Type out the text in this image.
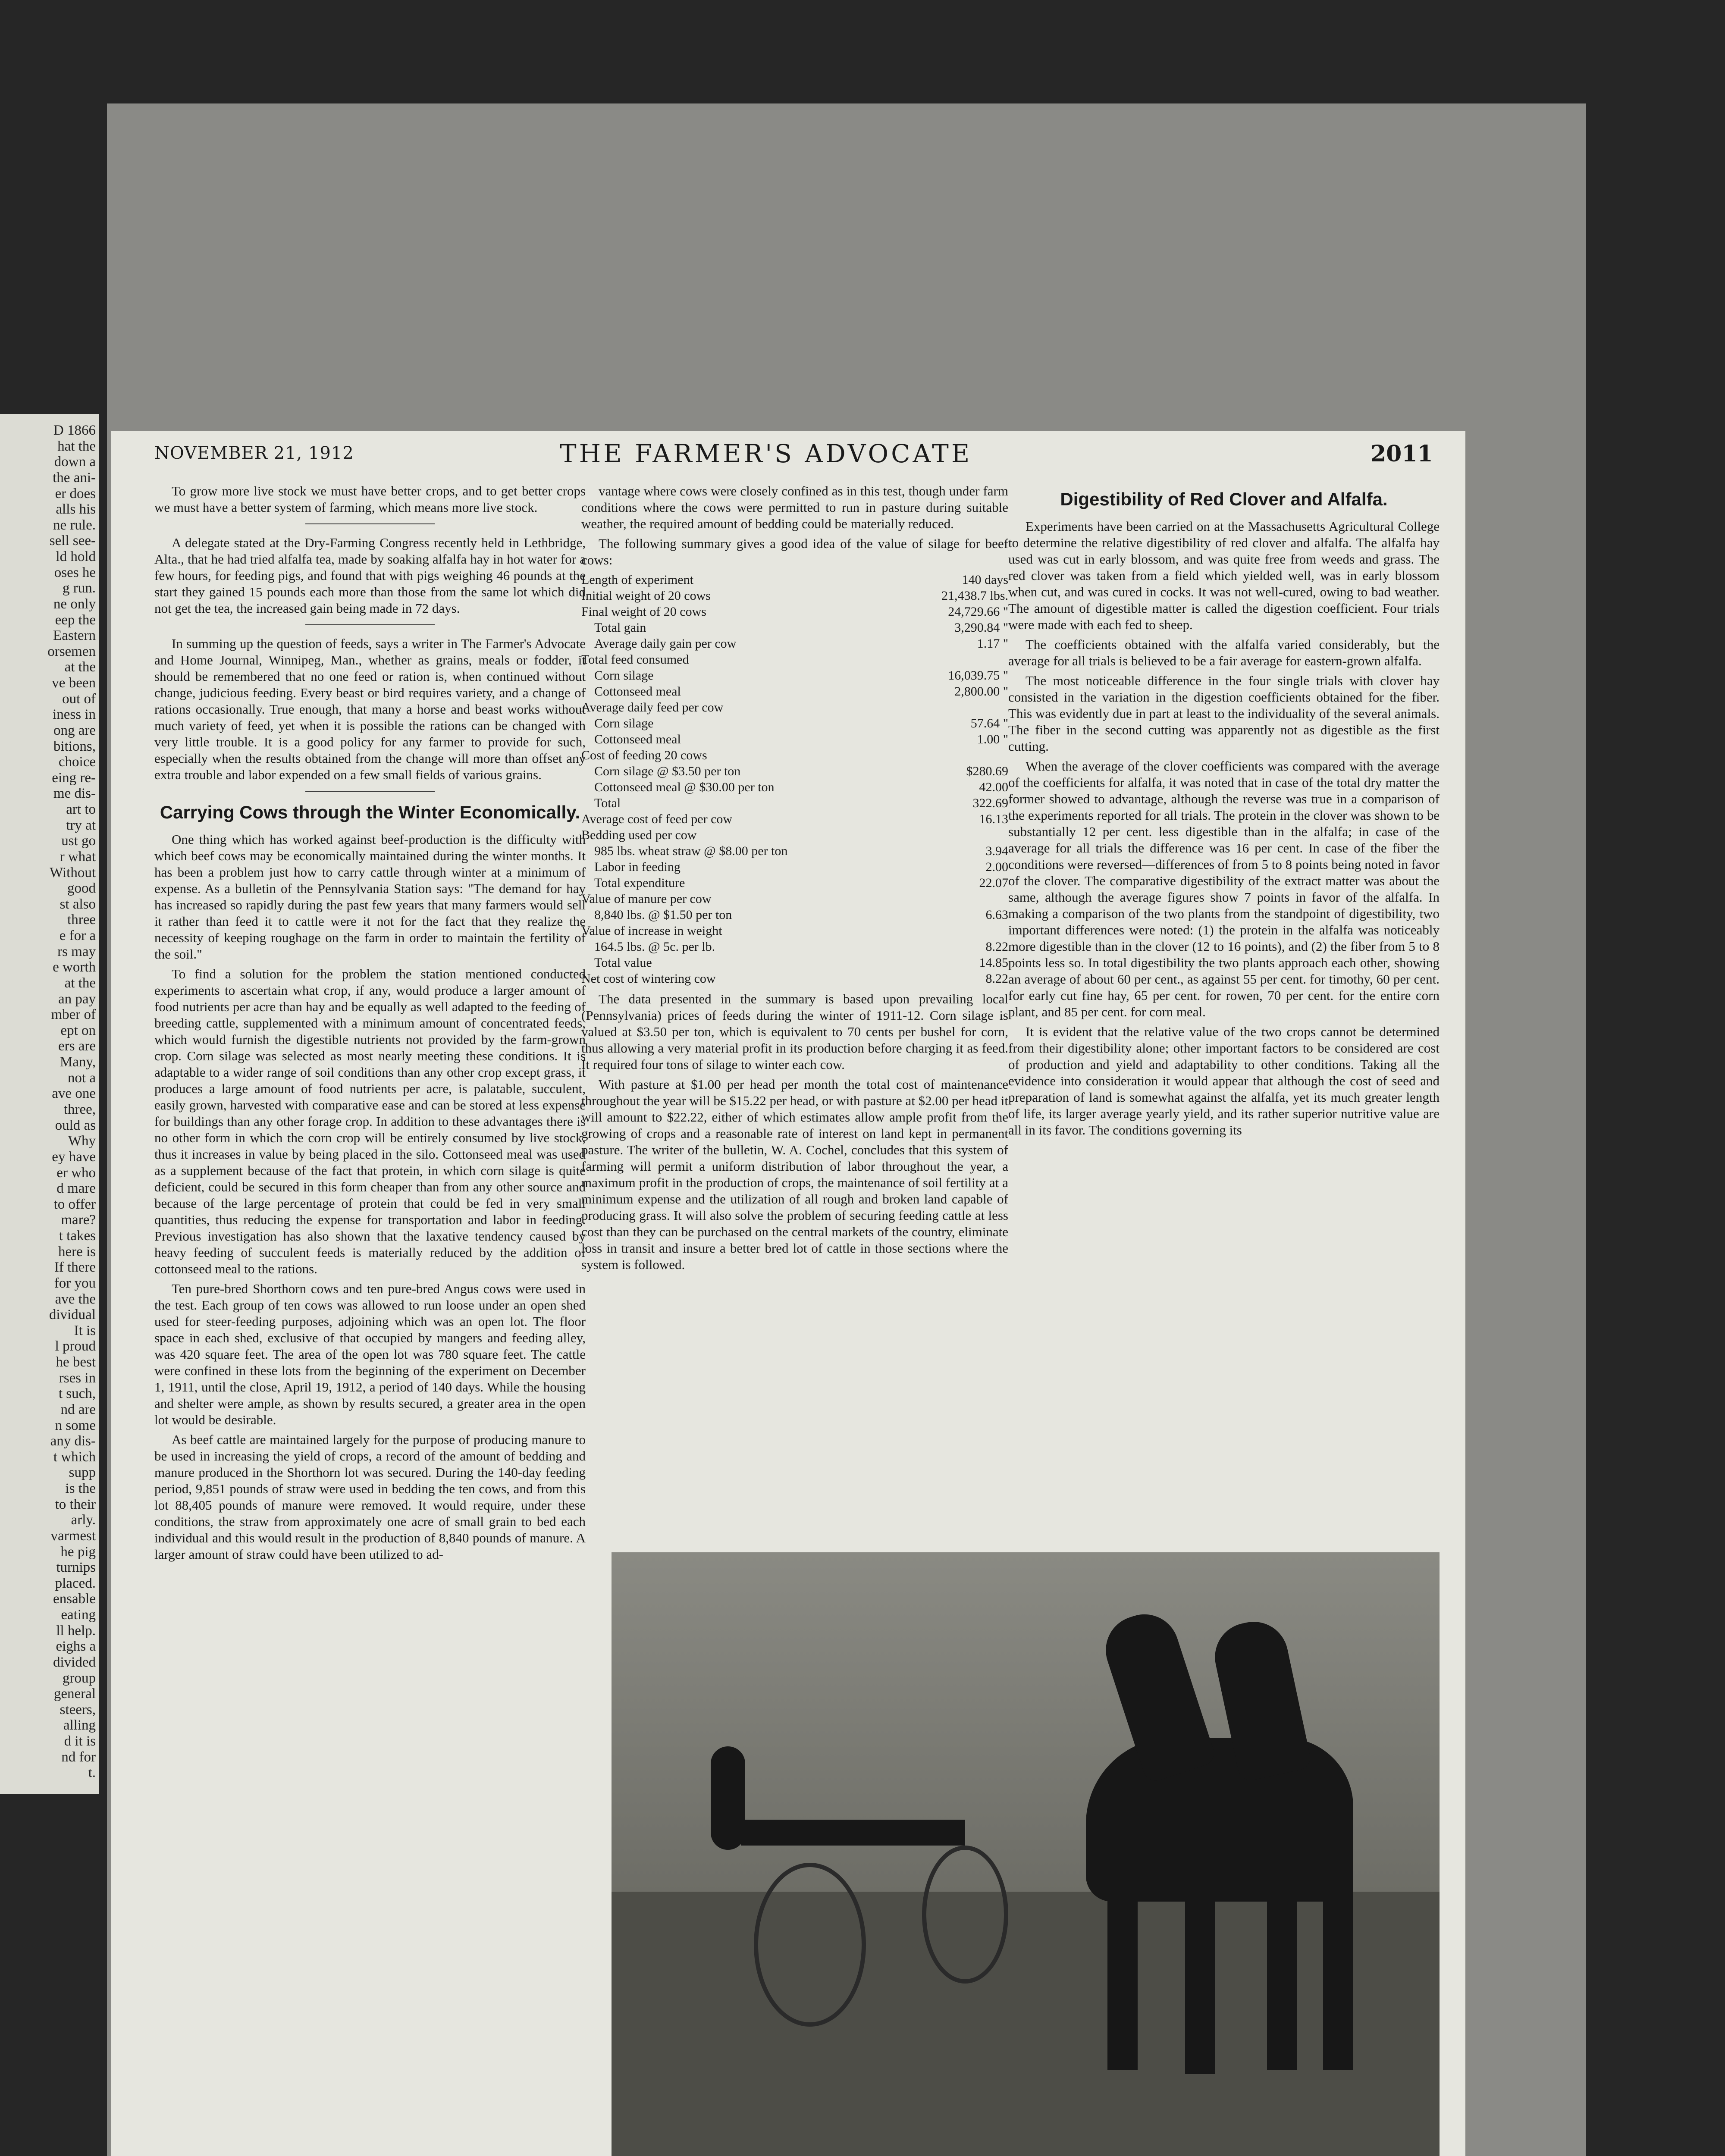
D 1866
hat the
down a
the ani-
er does
alls his
ne rule.
sell see-
ld hold
oses he
g run.
ne only
eep the
Eastern
orsemen
at the
ve been
out of
iness in
ong are
bitions,
choice
eing re-
me dis-
art to
try at
ust go
r what
Without
good
st also
three
e for a
rs may
e worth
at the
an pay
mber of
ept on
ers are
Many,
not a
ave one
three,
ould as
Why
ey have
er who
d mare
to offer
mare?
t takes
here is
If there
for you
ave the
dividual
It is
l proud
he best
rses in
t such,
nd are
n some
any dis-
t which
supp
is the
to their
arly.
varmest
he pig
turnips
placed.
ensable
eating
ll help.
eighs a
divided
group
general
steers,
alling
d it is
nd for
t.
NOVEMBER 21, 1912	THE FARMER'S ADVOCATE	2011

To grow more live stock we must have better crops, and to get better crops we must have a better system of farming, which means more live stock.

A delegate stated at the Dry-Farming Congress recently held in Lethbridge, Alta., that he had tried alfalfa tea, made by soaking alfalfa hay in hot water for a few hours, for feeding pigs, and found that with pigs weighing 46 pounds at the start they gained 15 pounds each more than those from the same lot which did not get the tea, the increased gain being made in 72 days.

In summing up the question of feeds, says a writer in The Farmer's Advocate and Home Journal, Winnipeg, Man., whether as grains, meals or fodder, it should be remembered that no one feed or ration is, when continued without change, judicious feeding. Every beast or bird requires variety, and a change of rations occasionally. True enough, that many a horse and beast works without much variety of feed, yet when it is possible the rations can be changed with very little trouble. It is a good policy for any farmer to provide for such, especially when the results obtained from the change will more than offset any extra trouble and labor expended on a few small fields of various grains.

Carrying Cows through the Winter Economically.

One thing which has worked against beef-production is the difficulty with which beef cows may be economically maintained during the winter months. It has been a problem just how to carry cattle through winter at a minimum of expense. As a bulletin of the Pennsylvania Station says: "The demand for hay has increased so rapidly during the past few years that many farmers would sell it rather than feed it to cattle were it not for the fact that they realize the necessity of keeping roughage on the farm in order to maintain the fertility of the soil."

To find a solution for the problem the station mentioned conducted experiments to ascertain what crop, if any, would produce a larger amount of food nutrients per acre than hay and be equally as well adapted to the feeding of breeding cattle, supplemented with a minimum amount of concentrated feeds, which would furnish the digestible nutrients not provided by the farm-grown crop. Corn silage was selected as most nearly meeting these conditions. It is adaptable to a wider range of soil conditions than any other crop except grass, it produces a large amount of food nutrients per acre, is palatable, succulent, easily grown, harvested with comparative ease and can be stored at less expense for buildings than any other forage crop. In addition to these advantages there is no other form in which the corn crop will be entirely consumed by live stock, thus it increases in value by being placed in the silo. Cottonseed meal was used as a supplement because of the fact that protein, in which corn silage is quite deficient, could be secured in this form cheaper than from any other source and because of the large percentage of protein that could be fed in very small quantities, thus reducing the expense for transportation and labor in feeding. Previous investigation has also shown that the laxative tendency caused by heavy feeding of succulent feeds is materially reduced by the addition of cottonseed meal to the rations.

Ten pure-bred Shorthorn cows and ten pure-bred Angus cows were used in the test. Each group of ten cows was allowed to run loose under an open shed used for steer-feeding purposes, adjoining which was an open lot. The floor space in each shed, exclusive of that occupied by mangers and feeding alley, was 420 square feet. The area of the open lot was 780 square feet. The cattle were confined in these lots from the beginning of the experiment on December 1, 1911, until the close, April 19, 1912, a period of 140 days. While the housing and shelter were ample, as shown by results secured, a greater area in the open lot would be desirable.

As beef cattle are maintained largely for the purpose of producing manure to be used in increasing the yield of crops, a record of the amount of bedding and manure produced in the Shorthorn lot was secured. During the 140-day feeding period, 9,851 pounds of straw were used in bedding the ten cows, and from this lot 88,405 pounds of manure were removed. It would require, under these conditions, the straw from approximately one acre of small grain to bed each individual and this would result in the production of 8,840 pounds of manure. A larger amount of straw could have been utilized to ad-

vantage where cows were closely confined as in this test, though under farm conditions where the cows were permitted to run in pasture during suitable weather, the required amount of bedding could be materially reduced.

The following summary gives a good idea of the value of silage for beef cows:

Length of experiment	140 days
Initial weight of 20 cows	21,438.7 lbs.
Final weight of 20 cows	24,729.66 "
Total gain	3,290.84 "
Average daily gain per cow	1.17 "
Total feed consumed
Corn silage	16,039.75 "
Cottonseed meal	2,800.00 "
Average daily feed per cow
Corn silage	57.64 "
Cottonseed meal	1.00 "
Cost of feeding 20 cows
Corn silage @ $3.50 per ton	$280.69
Cottonseed meal @ $30.00 per ton	42.00
Total	322.69
Average cost of feed per cow	16.13
Bedding used per cow
985 lbs. wheat straw @ $8.00 per ton	3.94
Labor in feeding	2.00
Total expenditure	22.07
Value of manure per cow
8,840 lbs. @ $1.50 per ton	6.63
Value of increase in weight
164.5 lbs. @ 5c. per lb.	8.22
Total value	14.85
Net cost of wintering cow	8.22

The data presented in the summary is based upon prevailing local (Pennsylvania) prices of feeds during the winter of 1911-12. Corn silage is valued at $3.50 per ton, which is equivalent to 70 cents per bushel for corn, thus allowing a very material profit in its production before charging it as feed. It required four tons of silage to winter each cow.

With pasture at $1.00 per head per month the total cost of maintenance throughout the year will be $15.22 per head, or with pasture at $2.00 per head it will amount to $22.22, either of which estimates allow ample profit from the growing of crops and a reasonable rate of interest on land kept in permanent pasture. The writer of the bulletin, W. A. Cochel, concludes that this system of farming will permit a uniform distribution of labor throughout the year, a maximum profit in the production of crops, the maintenance of soil fertility at a minimum expense and the utilization of all rough and broken land capable of producing grass. It will also solve the problem of securing feeding cattle at less cost than they can be purchased on the central markets of the country, eliminate loss in transit and insure a better bred lot of cattle in those sections where the system is followed.

Digestibility of Red Clover and Alfalfa.

Experiments have been carried on at the Massachusetts Agricultural College to determine the relative digestibility of red clover and alfalfa. The alfalfa hay used was cut in early blossom, and was quite free from weeds and grass. The red clover was taken from a field which yielded well, was in early blossom when cut, and was cured in cocks. It was not well-cured, owing to bad weather. The amount of digestible matter is called the digestion coefficient. Four trials were made with each fed to sheep.

The coefficients obtained with the alfalfa varied considerably, but the average for all trials is believed to be a fair average for eastern-grown alfalfa.

The most noticeable difference in the four single trials with clover hay consisted in the variation in the digestion coefficients obtained for the fiber. This was evidently due in part at least to the individuality of the several animals. The fiber in the second cutting was apparently not as digestible as the first cutting.

When the average of the clover coefficients was compared with the average of the coefficients for alfalfa, it was noted that in case of the total dry matter the former showed to advantage, although the reverse was true in a comparison of the experiments reported for all trials. The protein in the clover was shown to be substantially 12 per cent. less digestible than in the alfalfa; in case of the average for all trials the difference was 16 per cent. In case of the fiber the conditions were reversed—differences of from 5 to 8 points being noted in favor of the clover. The comparative digestibility of the extract matter was about the same, although the average figures show 7 points in favor of the alfalfa. In making a comparison of the two plants from the standpoint of digestibility, two important differences were noted: (1) the protein in the alfalfa was noticeably more digestible than in the clover (12 to 16 points), and (2) the fiber from 5 to 8 points less so. In total digestibility the two plants approach each other, showing an average of about 60 per cent., as against 55 per cent. for timothy, 60 per cent. for early cut fine hay, 65 per cent. for rowen, 70 per cent. for the entire corn plant, and 85 per cent. for corn meal.

It is evident that the relative value of the two crops cannot be determined from their digestibility alone; other important factors to be considered are cost of production and yield and adaptability to other conditions. Taking all the evidence into consideration it would appear that although the cost of seed and preparation of land is somewhat against the alfalfa, yet its much greater length of life, its larger average yearly yield, and its rather superior nutritive value are all in its favor. The conditions governing its
